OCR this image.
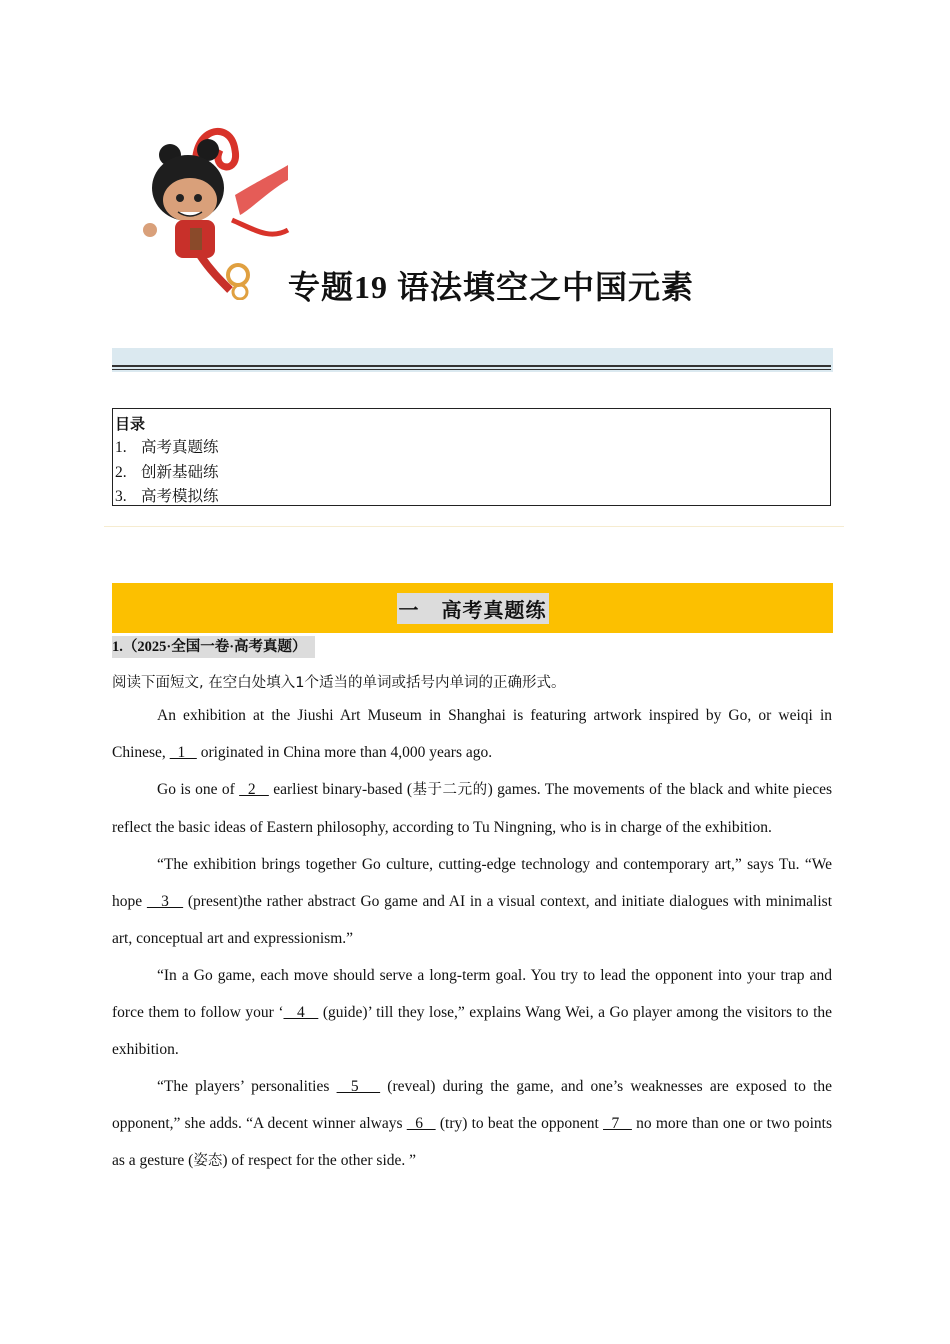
专题19 语法填空之中国元素
目录
1. 高考真题练
2. 创新基础练
3. 高考模拟练
一 高考真题练
1.（2025·全国一卷·高考真题）
阅读下面短文, 在空白处填入1个适当的单词或括号内单词的正确形式。

An exhibition at the Jiushi Art Museum in Shanghai is featuring artwork inspired by Go, or weiqi in Chinese,   1    originated in China more than 4,000 years ago.

Go is one of   2    earliest binary-based (基于二元的) games. The movements of the black and white pieces reflect the basic ideas of Eastern philosophy, according to Tu Ningning, who is in charge of the exhibition.

“The exhibition brings together Go culture, cutting-edge technology and contemporary art,” says Tu. “We hope    3    (present)the rather abstract Go game and AI in a visual context, and initiate dialogues with minimalist art, conceptual art and expressionism.”

“In a Go game, each move should serve a long-term goal. You try to lead the opponent into your trap and force them to follow your ‘   4    (guide)’ till they lose,” explains Wang Wei, a Go player among the visitors to the exhibition.

“The players’ personalities   5    (reveal) during the game, and one’s weaknesses are exposed to the opponent,” she adds. “A decent winner always   6    (try) to beat the opponent   7    no more than one or two points as a gesture (姿态) of respect for the other side. ”
